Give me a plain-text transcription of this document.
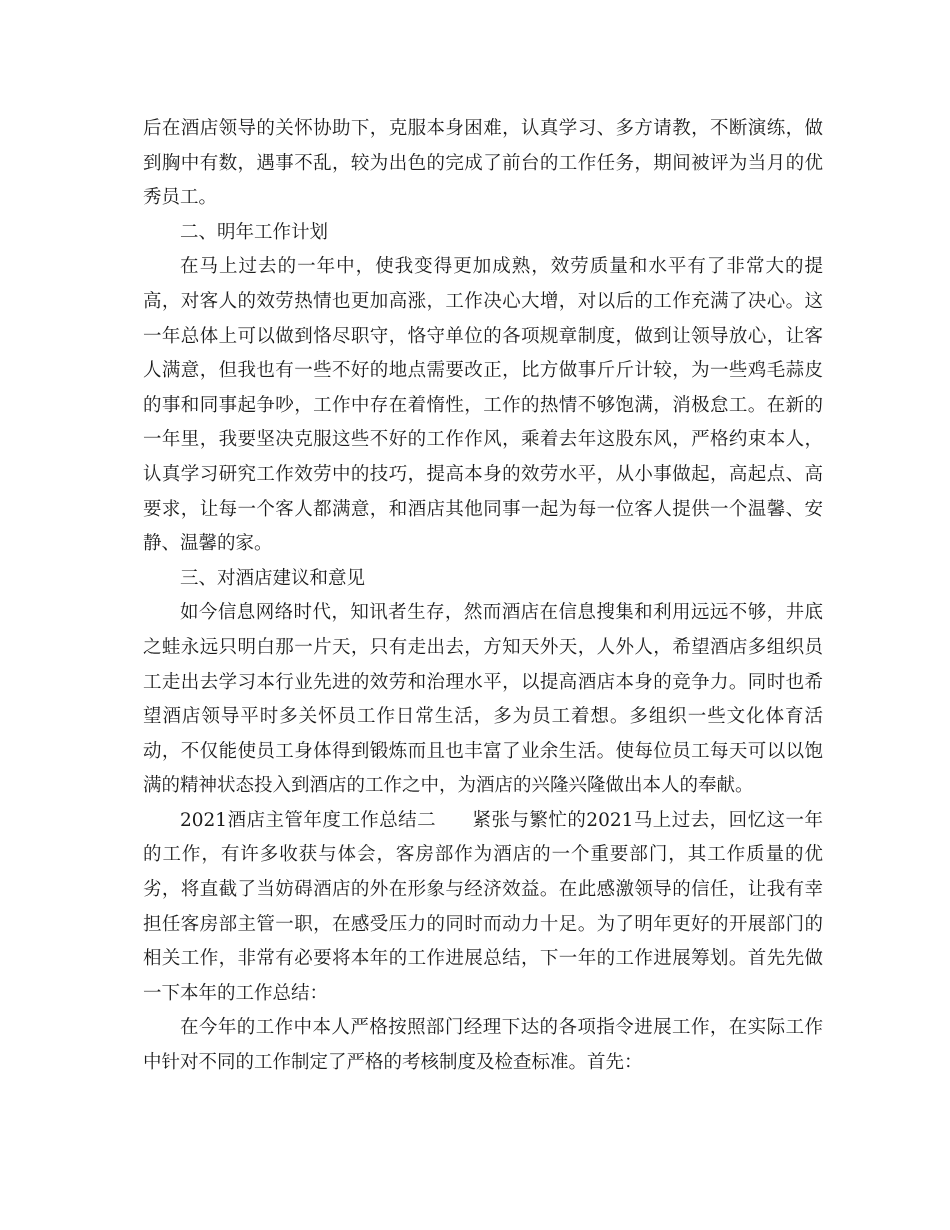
后在酒店领导的关怀协助下，克服本身困难，认真学习、多方请教，不断演练，做到胸中有数，遇事不乱，较为出色的完成了前台的工作任务，期间被评为当月的优秀员工。

二、明年工作计划

在马上过去的一年中，使我变得更加成熟，效劳质量和水平有了非常大的提高，对客人的效劳热情也更加高涨，工作决心大增，对以后的工作充满了决心。这一年总体上可以做到恪尽职守，恪守单位的各项规章制度，做到让领导放心，让客人满意，但我也有一些不好的地点需要改正，比方做事斤斤计较，为一些鸡毛蒜皮的事和同事起争吵，工作中存在着惰性，工作的热情不够饱满，消极怠工。在新的一年里，我要坚决克服这些不好的工作作风，乘着去年这股东风，严格约束本人，认真学习研究工作效劳中的技巧，提高本身的效劳水平，从小事做起，高起点、高要求，让每一个客人都满意，和酒店其他同事一起为每一位客人提供一个温馨、安静、温馨的家。

三、对酒店建议和意见

如今信息网络时代，知讯者生存，然而酒店在信息搜集和利用远远不够，井底之蛙永远只明白那一片天，只有走出去，方知天外天，人外人，希望酒店多组织员工走出去学习本行业先进的效劳和治理水平，以提高酒店本身的竞争力。同时也希望酒店领导平时多关怀员工作日常生活，多为员工着想。多组织一些文化体育活动，不仅能使员工身体得到锻炼而且也丰富了业余生活。使每位员工每天可以以饱满的精神状态投入到酒店的工作之中，为酒店的兴隆兴隆做出本人的奉献。

2021酒店主管年度工作总结二 紧张与繁忙的2021马上过去，回忆这一年的工作，有许多收获与体会，客房部作为酒店的一个重要部门，其工作质量的优劣，将直截了当妨碍酒店的外在形象与经济效益。在此感激领导的信任，让我有幸担任客房部主管一职，在感受压力的同时而动力十足。为了明年更好的开展部门的相关工作，非常有必要将本年的工作进展总结，下一年的工作进展筹划。首先先做一下本年的工作总结：

在今年的工作中本人严格按照部门经理下达的各项指令进展工作，在实际工作中针对不同的工作制定了严格的考核制度及检查标准。首先：
